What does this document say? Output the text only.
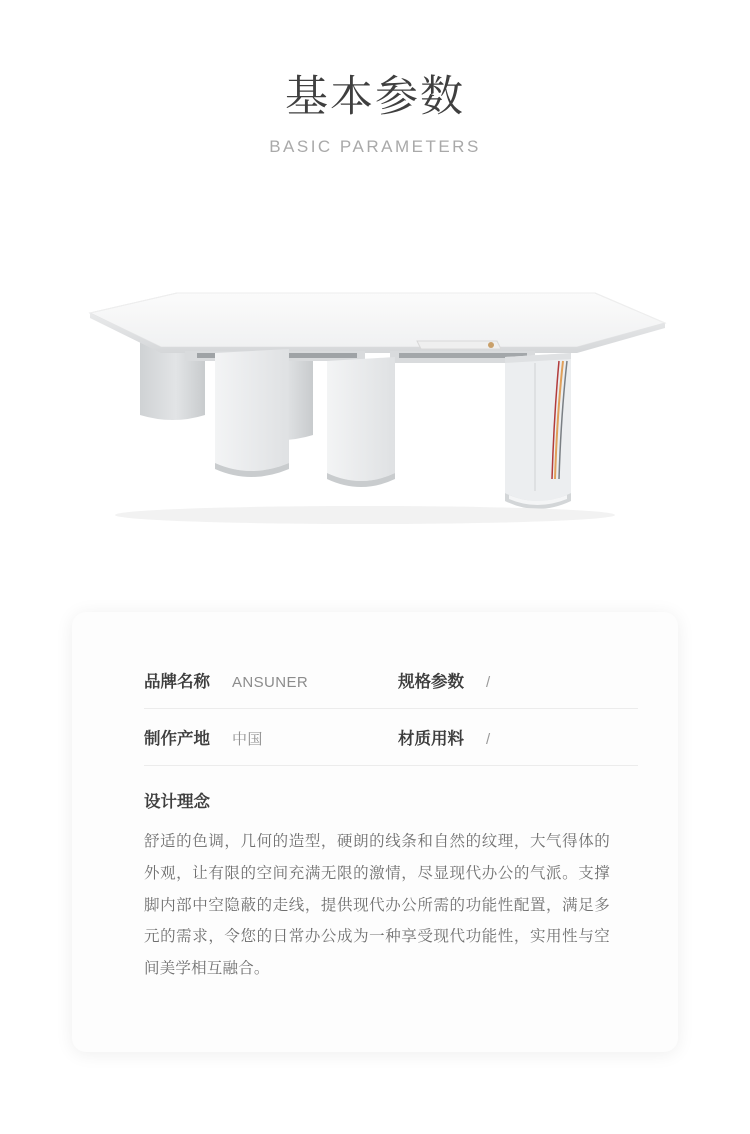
基本参数
BASIC PARAMETERS
品牌名称 ANSUNER	规格参数 /
制作产地 中国	材质用料 /
设计理念
舒适的色调，几何的造型，硬朗的线条和自然的纹理，大气得体的外观，让有限的空间充满无限的激情，尽显现代办公的气派。支撑脚内部中空隐蔽的走线，提供现代办公所需的功能性配置，满足多元的需求，令您的日常办公成为一种享受现代功能性，实用性与空间美学相互融合。
